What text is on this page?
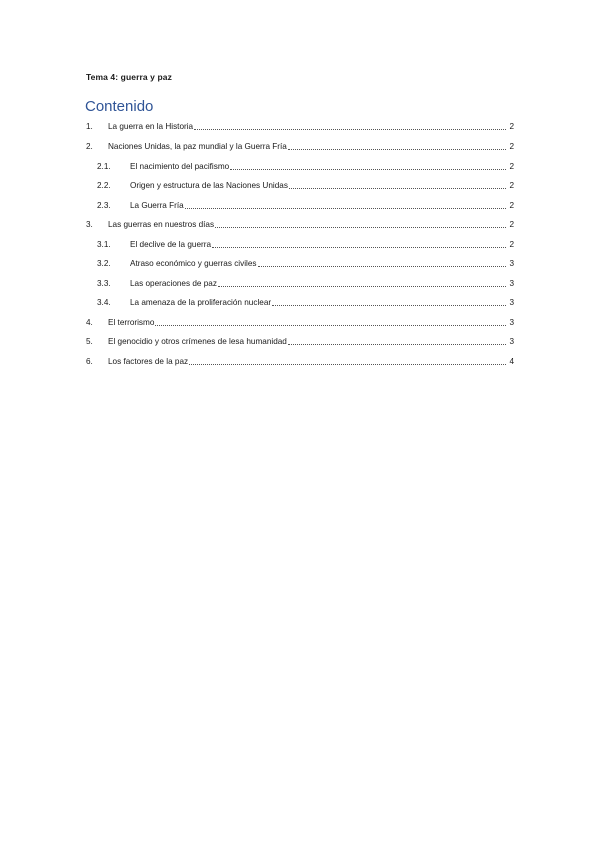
Tema 4: guerra y paz
Contenido
1.	La guerra en la Historia	2
2.	Naciones Unidas, la paz mundial y la Guerra Fría	2
2.1.	El nacimiento del pacifismo	2
2.2.	Origen y estructura de las Naciones Unidas	2
2.3.	La Guerra Fría	2
3.	Las guerras en nuestros días	2
3.1.	El declive de la guerra	2
3.2.	Atraso económico y guerras civiles	3
3.3.	Las operaciones de paz	3
3.4.	La amenaza de la proliferación nuclear	3
4.	El terrorismo	3
5.	El genocidio y otros crímenes de lesa humanidad	3
6.	Los factores de la paz	4
